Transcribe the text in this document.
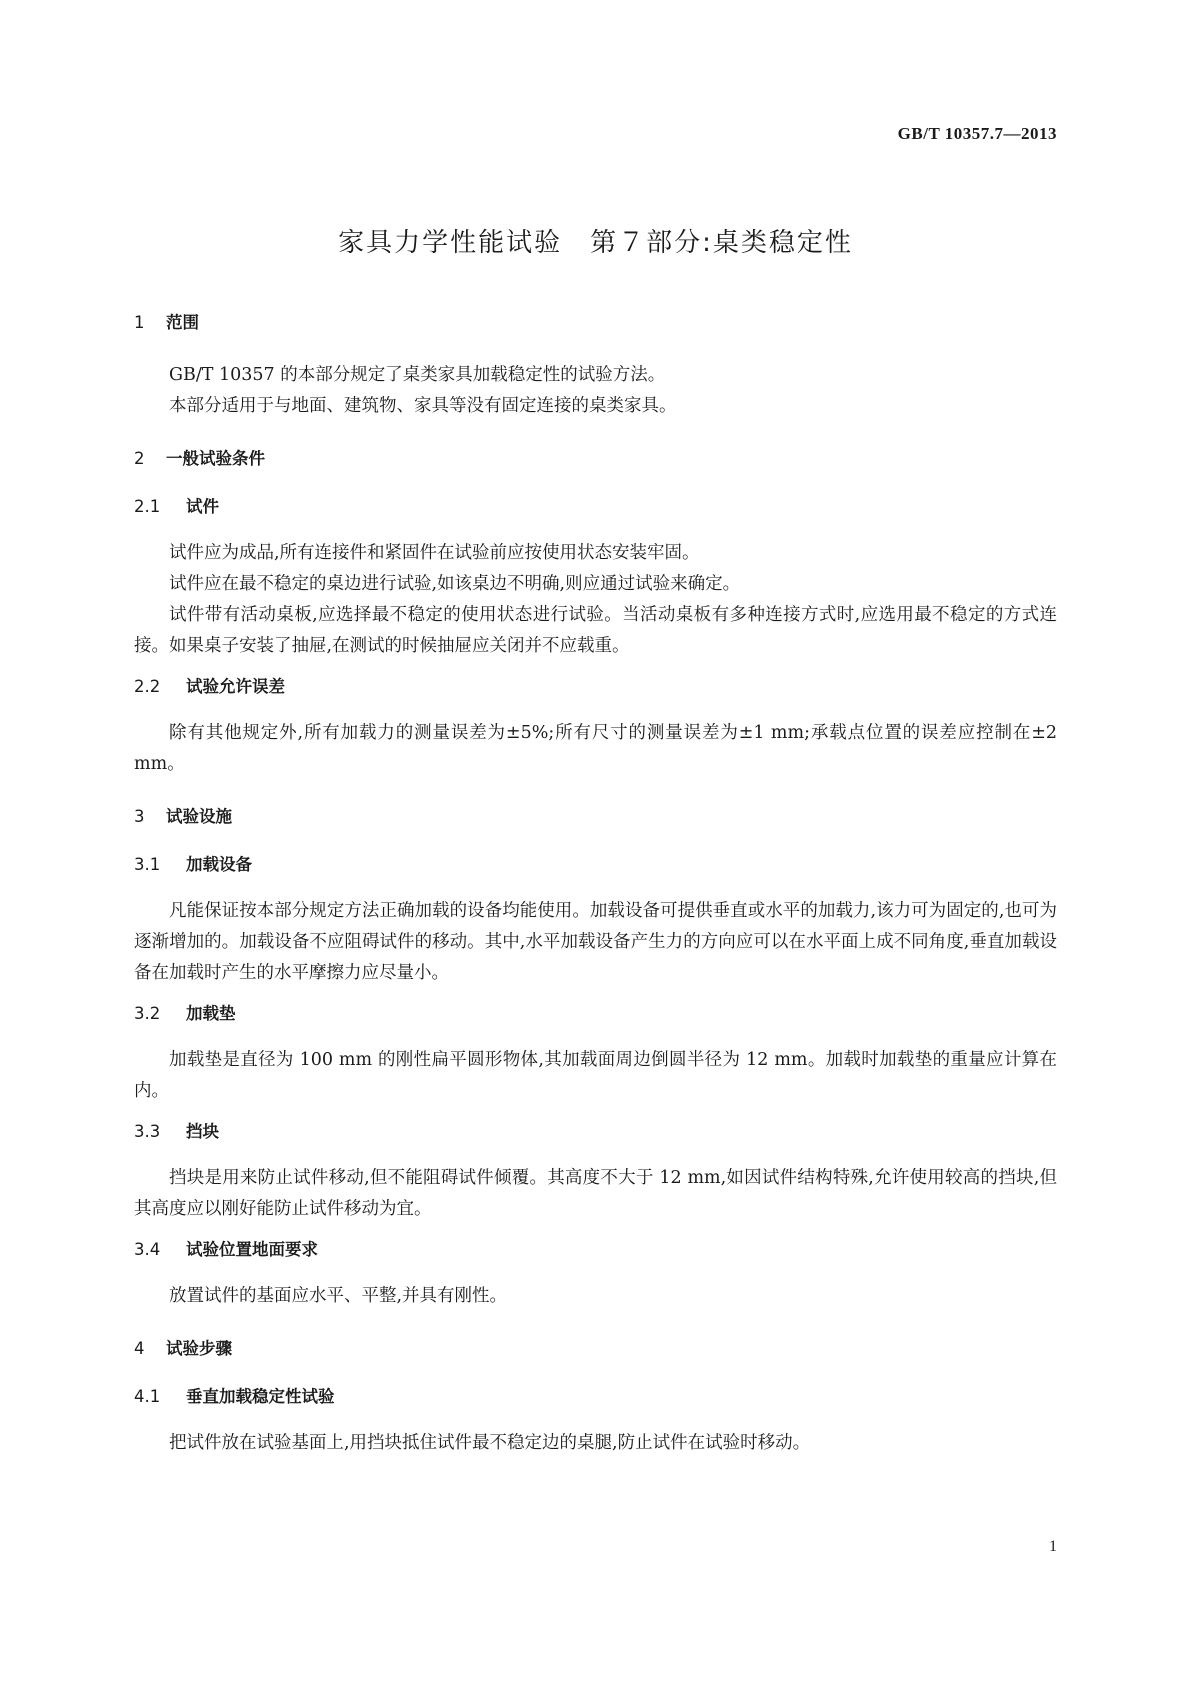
GB/T 10357.7—2013
家具力学性能试验　第７部分:桌类稳定性
1 范围

GB/T 10357 的本部分规定了桌类家具加载稳定性的试验方法。

本部分适用于与地面、建筑物、家具等没有固定连接的桌类家具。

2 一般试验条件
2.1 试件

试件应为成品,所有连接件和紧固件在试验前应按使用状态安装牢固。

试件应在最不稳定的桌边进行试验,如该桌边不明确,则应通过试验来确定。

试件带有活动桌板,应选择最不稳定的使用状态进行试验。当活动桌板有多种连接方式时,应选用最不稳定的方式连接。如果桌子安装了抽屉,在测试的时候抽屉应关闭并不应载重。

2.2 试验允许误差

除有其他规定外,所有加载力的测量误差为±5%;所有尺寸的测量误差为±1 mm;承载点位置的误差应控制在±2 mm。

3 试验设施
3.1 加载设备

凡能保证按本部分规定方法正确加载的设备均能使用。加载设备可提供垂直或水平的加载力,该力可为固定的,也可为逐渐增加的。加载设备不应阻碍试件的移动。其中,水平加载设备产生力的方向应可以在水平面上成不同角度,垂直加载设备在加载时产生的水平摩擦力应尽量小。

3.2 加载垫

加载垫是直径为 100 mm 的刚性扁平圆形物体,其加载面周边倒圆半径为 12 mm。加载时加载垫的重量应计算在内。

3.3 挡块

挡块是用来防止试件移动,但不能阻碍试件倾覆。其高度不大于 12 mm,如因试件结构特殊,允许使用较高的挡块,但其高度应以刚好能防止试件移动为宜。

3.4 试验位置地面要求

放置试件的基面应水平、平整,并具有刚性。

4 试验步骤
4.1 垂直加载稳定性试验

把试件放在试验基面上,用挡块抵住试件最不稳定边的桌腿,防止试件在试验时移动。

1
